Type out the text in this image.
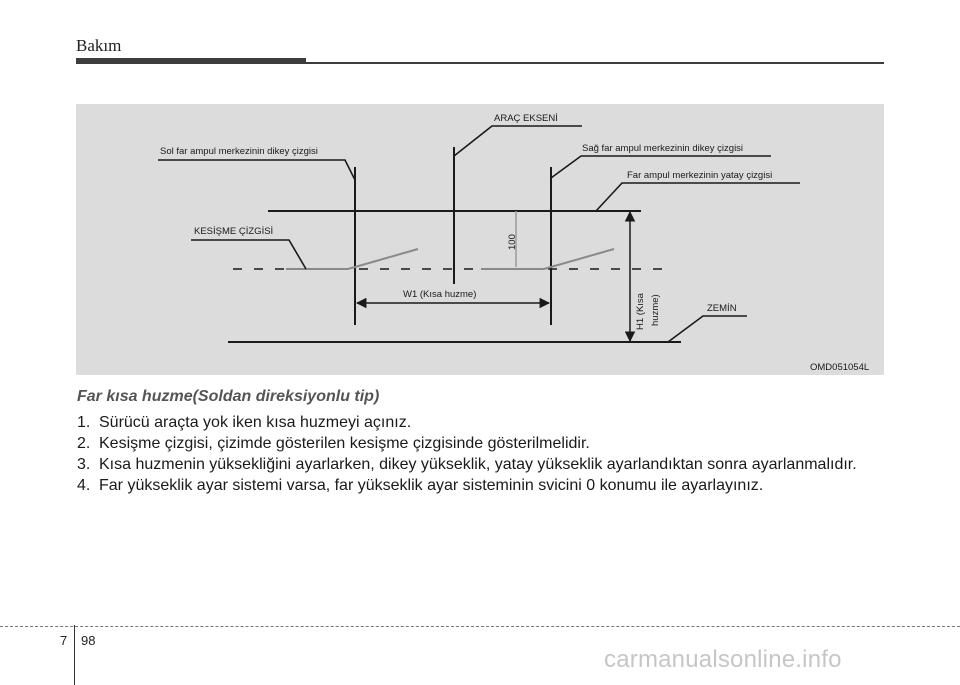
Bakım
ARAÇ EKSENİ
Sol far ampul merkezinin dikey çizgisi	Sağ far ampul merkezinin dikey çizgisi
Far ampul merkezinin yatay çizgisi
KESİŞME ÇİZGİSİ
100
W1 (Kısa huzme)	H1 (Kısa huzme)	ZEMİN
OMD051054L
Far kısa huzme(Soldan direksiyonlu tip)
1. Sürücü araçta yok iken kısa huzmeyi açınız.
2. Kesişme çizgisi, çizimde gösterilen kesişme çizgisinde gösterilmelidir.
3. Kısa huzmenin yüksekliğini ayarlarken, dikey yükseklik, yatay yükseklik ayarlandıktan sonra ayarlanmalıdır.
4. Far yükseklik ayar sistemi varsa, far yükseklik ayar sisteminin svicini 0 konumu ile ayarlayınız.
7 98
carmanualsonline.info
